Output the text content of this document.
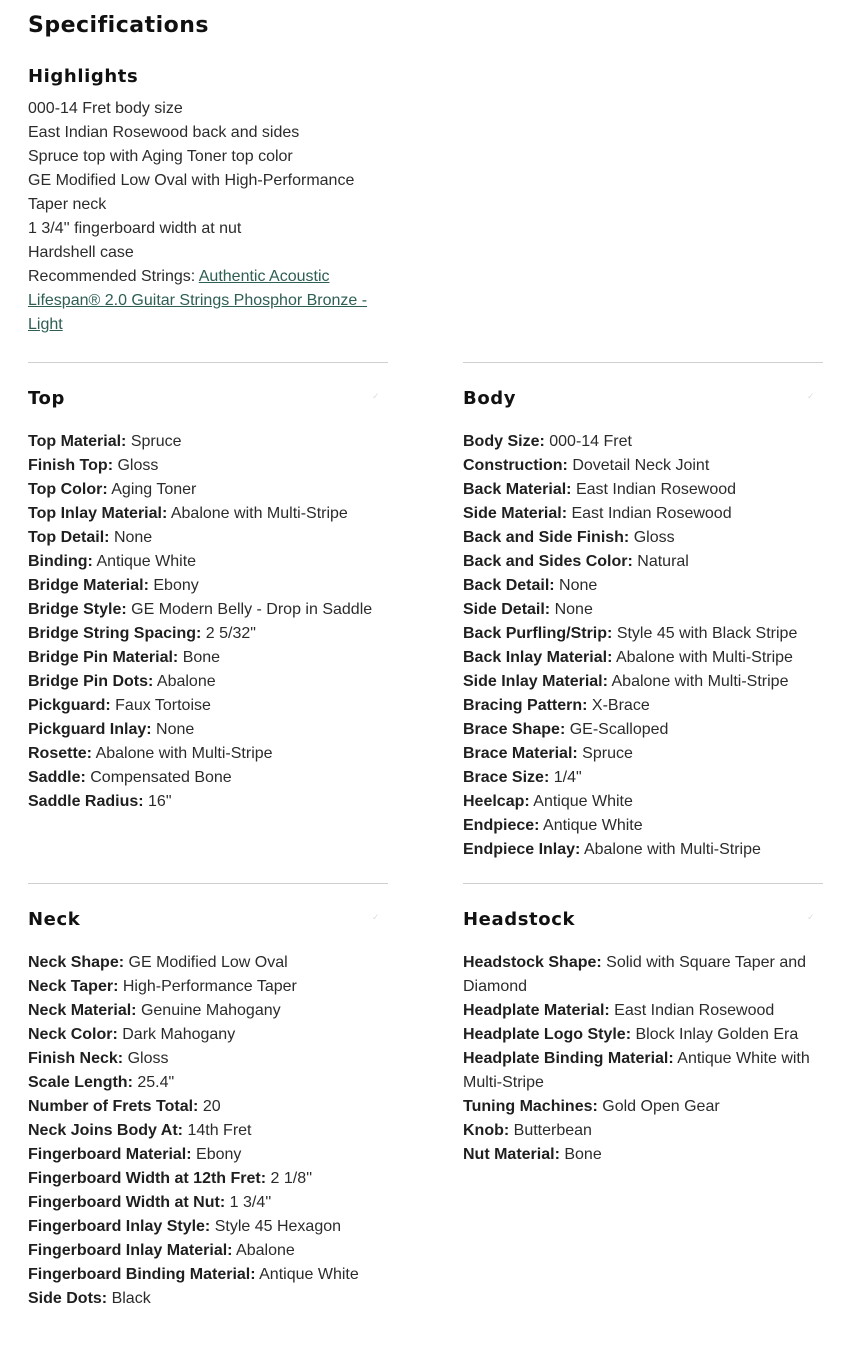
Specifications
Highlights
000-14 Fret body size
East Indian Rosewood back and sides
Spruce top with Aging Toner top color
GE Modified Low Oval with High-Performance Taper neck
1 3/4'' fingerboard width at nut
Hardshell case
Recommended Strings: Authentic Acoustic Lifespan® 2.0 Guitar Strings Phosphor Bronze - Light
Top	✓
Top Material: Spruce
Finish Top: Gloss
Top Color: Aging Toner
Top Inlay Material: Abalone with Multi-Stripe
Top Detail: None
Binding: Antique White
Bridge Material: Ebony
Bridge Style: GE Modern Belly - Drop in Saddle
Bridge String Spacing: 2 5/32"
Bridge Pin Material: Bone
Bridge Pin Dots: Abalone
Pickguard: Faux Tortoise
Pickguard Inlay: None
Rosette: Abalone with Multi-Stripe
Saddle: Compensated Bone
Saddle Radius: 16"
Body	✓
Body Size: 000-14 Fret
Construction: Dovetail Neck Joint
Back Material: East Indian Rosewood
Side Material: East Indian Rosewood
Back and Side Finish: Gloss
Back and Sides Color: Natural
Back Detail: None
Side Detail: None
Back Purfling/Strip: Style 45 with Black Stripe
Back Inlay Material: Abalone with Multi-Stripe
Side Inlay Material: Abalone with Multi-Stripe
Bracing Pattern: X-Brace
Brace Shape: GE-Scalloped
Brace Material: Spruce
Brace Size: 1/4"
Heelcap: Antique White
Endpiece: Antique White
Endpiece Inlay: Abalone with Multi-Stripe
Neck	✓
Neck Shape: GE Modified Low Oval
Neck Taper: High-Performance Taper
Neck Material: Genuine Mahogany
Neck Color: Dark Mahogany
Finish Neck: Gloss
Scale Length: 25.4"
Number of Frets Total: 20
Neck Joins Body At: 14th Fret
Fingerboard Material: Ebony
Fingerboard Width at 12th Fret: 2 1/8''
Fingerboard Width at Nut: 1 3/4''
Fingerboard Inlay Style: Style 45 Hexagon
Fingerboard Inlay Material: Abalone
Fingerboard Binding Material: Antique White
Side Dots: Black
Headstock	✓
Headstock Shape: Solid with Square Taper and Diamond
Headplate Material: East Indian Rosewood
Headplate Logo Style: Block Inlay Golden Era
Headplate Binding Material: Antique White with Multi-Stripe
Tuning Machines: Gold Open Gear
Knob: Butterbean
Nut Material: Bone
